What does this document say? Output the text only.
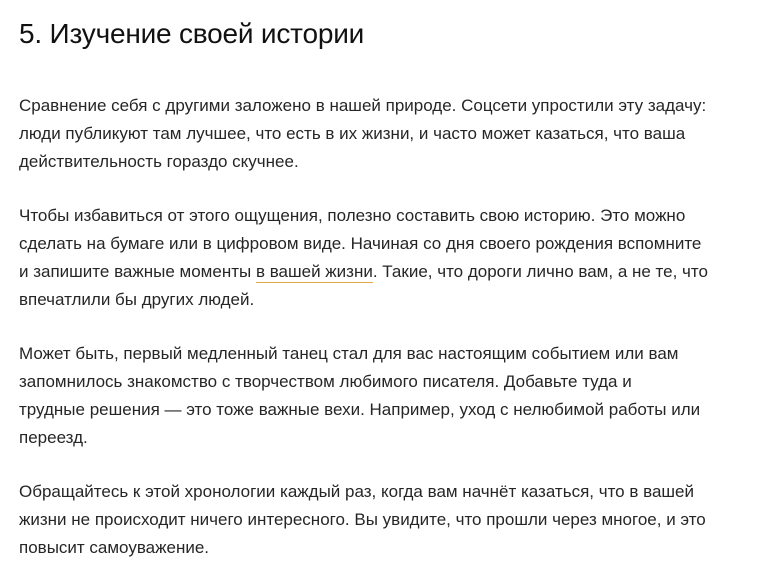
5. Изучение своей истории

Сравнение себя с другими заложено в нашей природе. Соцсети упростили эту задачу:
люди публикуют там лучшее, что есть в их жизни, и часто может казаться, что ваша
действительность гораздо скучнее.

Чтобы избавиться от этого ощущения, полезно составить свою историю. Это можно
сделать на бумаге или в цифровом виде. Начиная со дня своего рождения вспомните
и запишите важные моменты в вашей жизни. Такие, что дороги лично вам, а не те, что
впечатлили бы других людей.

Может быть, первый медленный танец стал для вас настоящим событием или вам
запомнилось знакомство с творчеством любимого писателя. Добавьте туда и
трудные решения — это тоже важные вехи. Например, уход с нелюбимой работы или
переезд.

Обращайтесь к этой хронологии каждый раз, когда вам начнёт казаться, что в вашей
жизни не происходит ничего интересного. Вы увидите, что прошли через многое, и это
повысит самоуважение.
